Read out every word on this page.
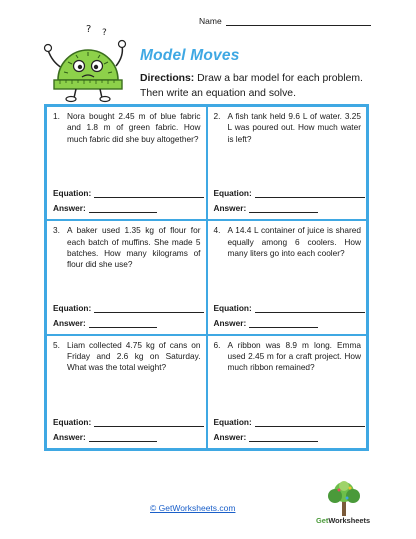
Name
? ?
Model Moves
Directions: Draw a bar model for each problem. Then write an equation and solve.
1. Nora bought 2.45 m of blue fabric and 1.8 m of green fabric. How much fabric did she buy altogether?
Equation:
Answer:
2. A fish tank held 9.6 L of water. 3.25 L was poured out. How much water is left?
Equation:
Answer:
3. A baker used 1.35 kg of flour for each batch of muffins. She made 5 batches. How many kilograms of flour did she use?
Equation:
Answer:
4. A 14.4 L container of juice is shared equally among 6 coolers. How many liters go into each cooler?
Equation:
Answer:
5. Liam collected 4.75 kg of cans on Friday and 2.6 kg on Saturday. What was the total weight?
Equation:
Answer:
6. A ribbon was 8.9 m long. Emma used 2.45 m for a craft project. How much ribbon remained?
Equation:
Answer:
© GetWorksheets.com
GetWorksheets
